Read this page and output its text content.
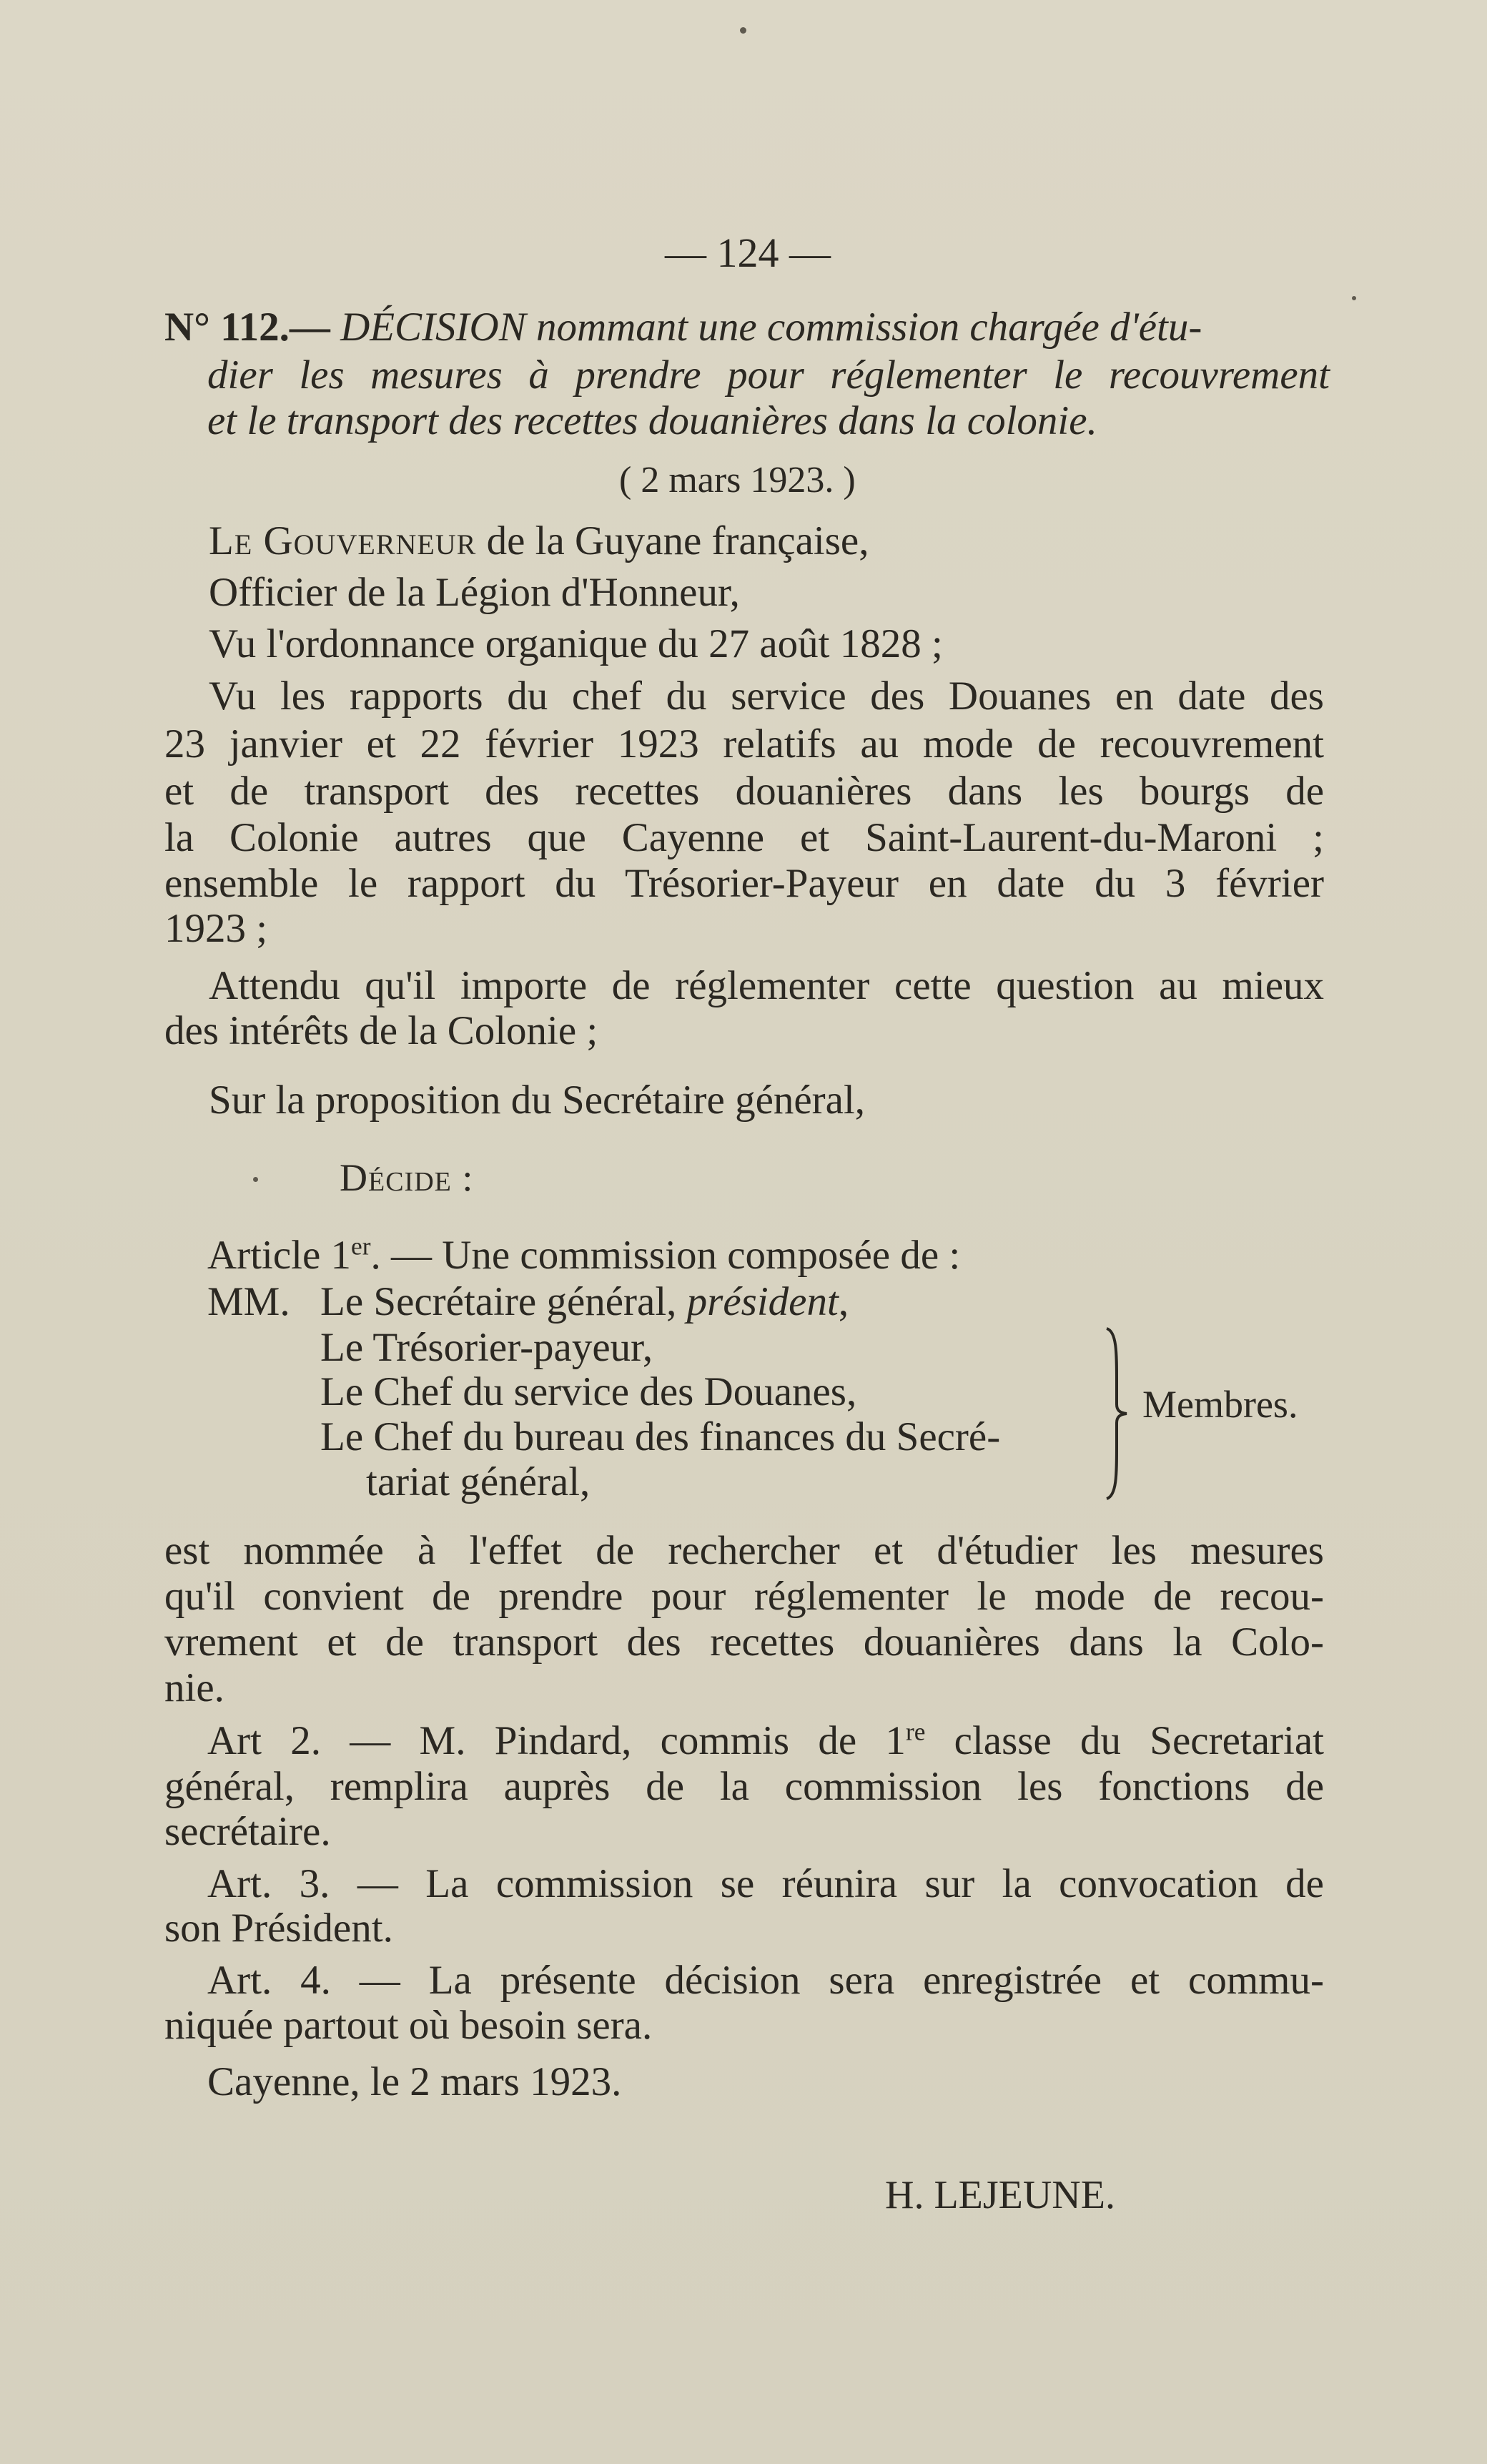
— 124 —
N° 112.— DÉCISION nommant une commission chargée d'étu-
dier les mesures à prendre pour réglementer le recouvrement
et le transport des recettes douanières dans la colonie.
( 2 mars 1923. )
Le Gouverneur de la Guyane française,
Officier de la Légion d'Honneur,
Vu l'ordonnance organique du 27 août 1828 ;
Vu les rapports du chef du service des Douanes en date des
23 janvier et 22 février 1923 relatifs au mode de recouvrement
et de transport des recettes douanières dans les bourgs de
la Colonie autres que Cayenne et Saint-Laurent-du-Maroni ;
ensemble le rapport du Trésorier-Payeur en date du 3 février
1923 ;
Attendu qu'il importe de réglementer cette question au mieux
des intérêts de la Colonie ;
Sur la proposition du Secrétaire général,
Décide :
Article 1er. — Une commission composée de :
MM. Le Secrétaire général, président,
Le Trésorier-payeur,
Le Chef du service des Douanes,
Le Chef du bureau des finances du Secré-
tariat général,
Membres.
est nommée à l'effet de rechercher et d'étudier les mesures
qu'il convient de prendre pour réglementer le mode de recou-
vrement et de transport des recettes douanières dans la Colo-
nie.
Art 2. — M. Pindard, commis de 1re classe du Secretariat
général, remplira auprès de la commission les fonctions de
secrétaire.
Art. 3. — La commission se réunira sur la convocation de
son Président.
Art. 4. — La présente décision sera enregistrée et commu-
niquée partout où besoin sera.
Cayenne, le 2 mars 1923.
H. LEJEUNE.
